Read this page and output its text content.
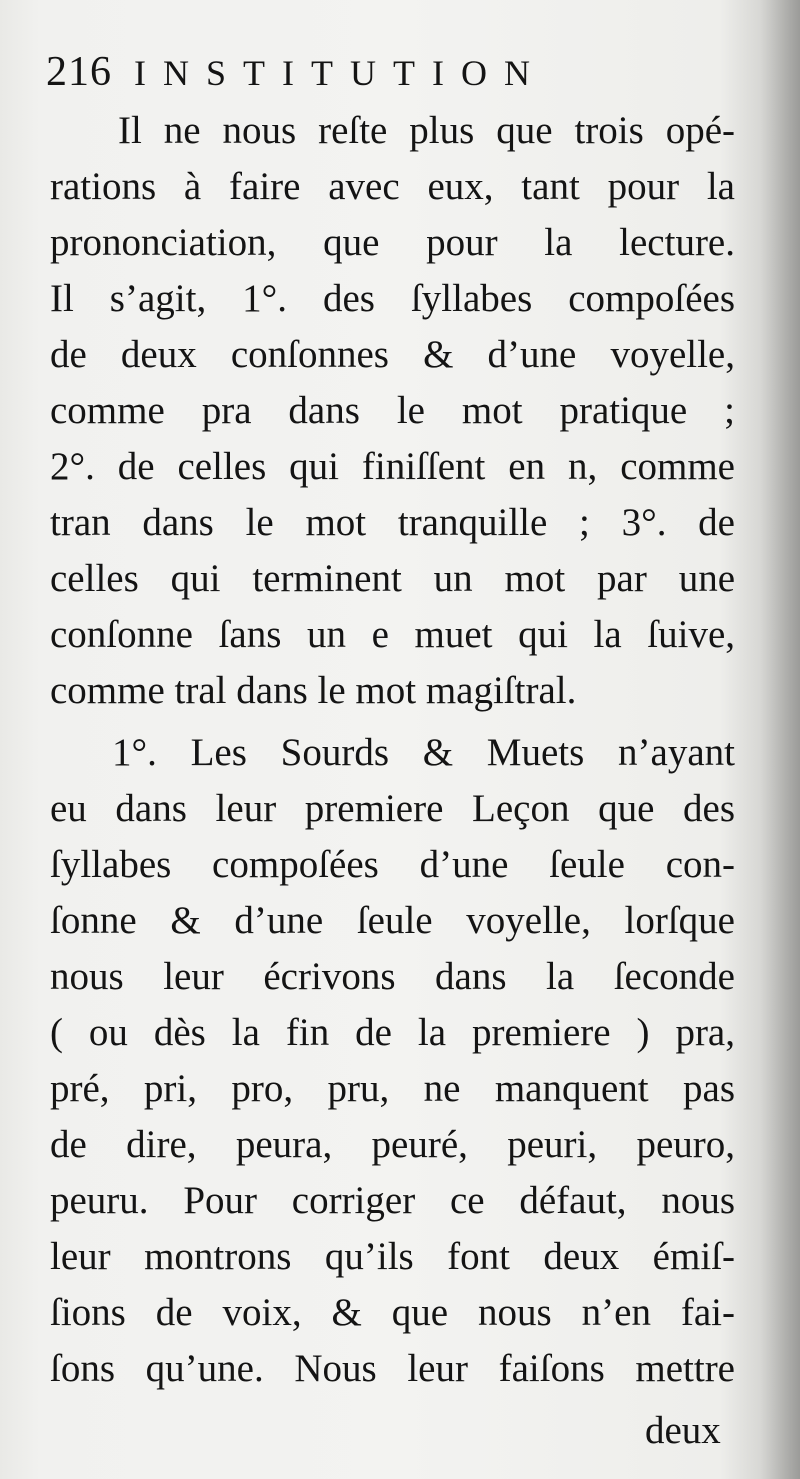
216 INSTITUTION
Il ne nous reſte plus que trois opé-
rations à faire avec eux, tant pour la
prononciation, que pour la lecture.
Il s’agit, 1°. des ſyllabes compoſées
de deux conſonnes & d’une voyelle,
comme pra dans le mot pratique ;
2°. de celles qui finiſſent en n, comme
tran dans le mot tranquille ; 3°. de
celles qui terminent un mot par une
conſonne ſans un e muet qui la ſuive,
comme tral dans le mot magiſtral.
1°. Les Sourds & Muets n’ayant
eu dans leur premiere Leçon que des
ſyllabes compoſées d’une ſeule con-
ſonne & d’une ſeule voyelle, lorſque
nous leur écrivons dans la ſeconde
( ou dès la fin de la premiere ) pra,
pré, pri, pro, pru, ne manquent pas
de dire, peura, peuré, peuri, peuro,
peuru. Pour corriger ce défaut, nous
leur montrons qu’ils font deux émiſ-
ſions de voix, & que nous n’en fai-
ſons qu’une. Nous leur faiſons mettre
deux
